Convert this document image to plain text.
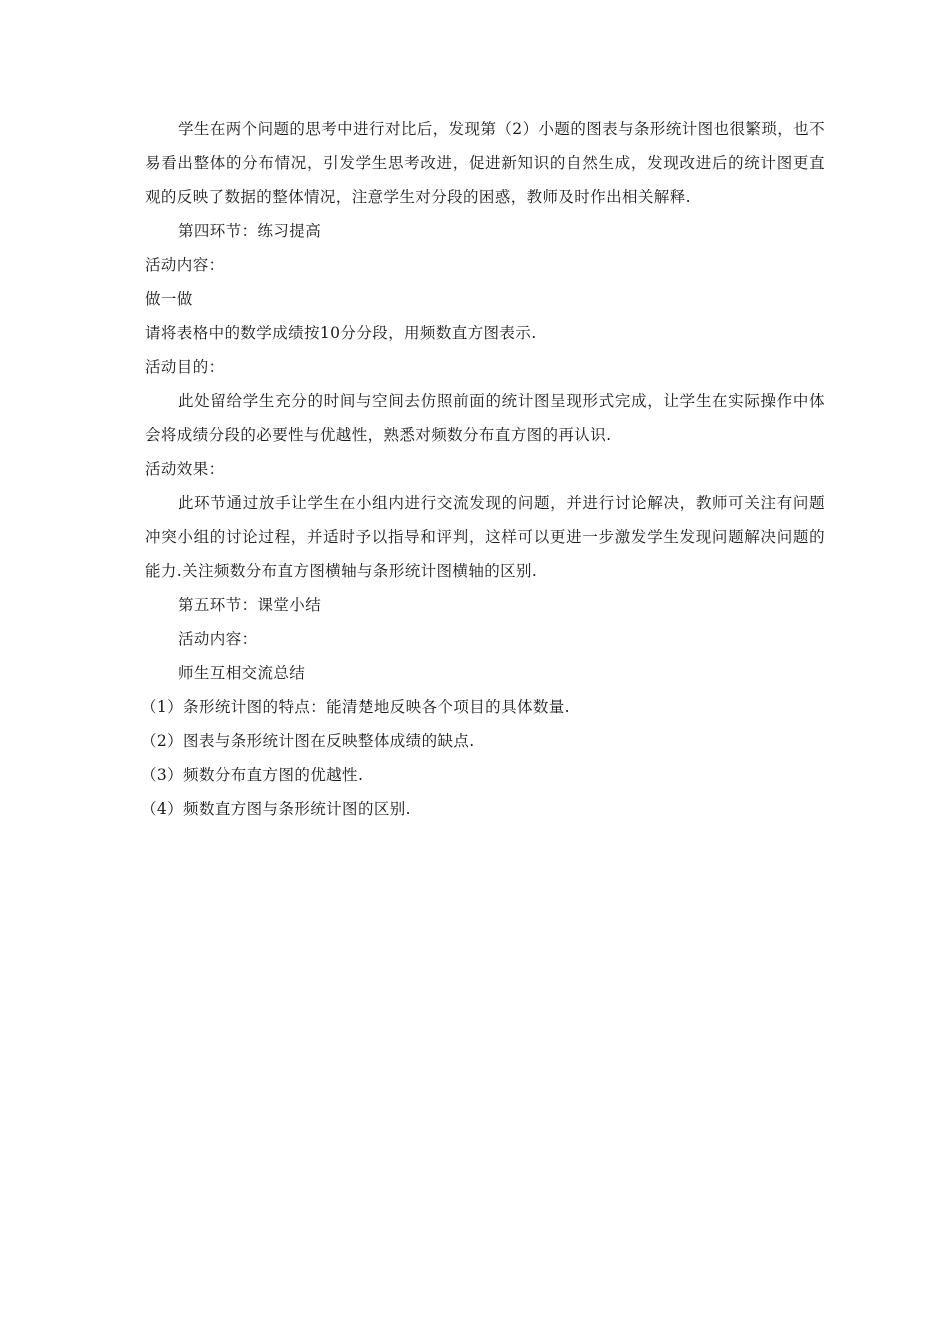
学生在两个问题的思考中进行对比后，发现第（2）小题的图表与条形统计图也很繁琐，也不易看出整体的分布情况，引发学生思考改进，促进新知识的自然生成，发现改进后的统计图更直观的反映了数据的整体情况，注意学生对分段的困惑，教师及时作出相关解释.

第四环节：练习提高

活动内容：

做一做

请将表格中的数学成绩按10分分段，用频数直方图表示.

活动目的：

此处留给学生充分的时间与空间去仿照前面的统计图呈现形式完成，让学生在实际操作中体会将成绩分段的必要性与优越性，熟悉对频数分布直方图的再认识.

活动效果：

此环节通过放手让学生在小组内进行交流发现的问题，并进行讨论解决，教师可关注有问题冲突小组的讨论过程，并适时予以指导和评判，这样可以更进一步激发学生发现问题解决问题的能力.关注频数分布直方图横轴与条形统计图横轴的区别.

第五环节：课堂小结

活动内容：

师生互相交流总结

（1）条形统计图的特点：能清楚地反映各个项目的具体数量.

（2）图表与条形统计图在反映整体成绩的缺点.

（3）频数分布直方图的优越性.

（4）频数直方图与条形统计图的区别.
